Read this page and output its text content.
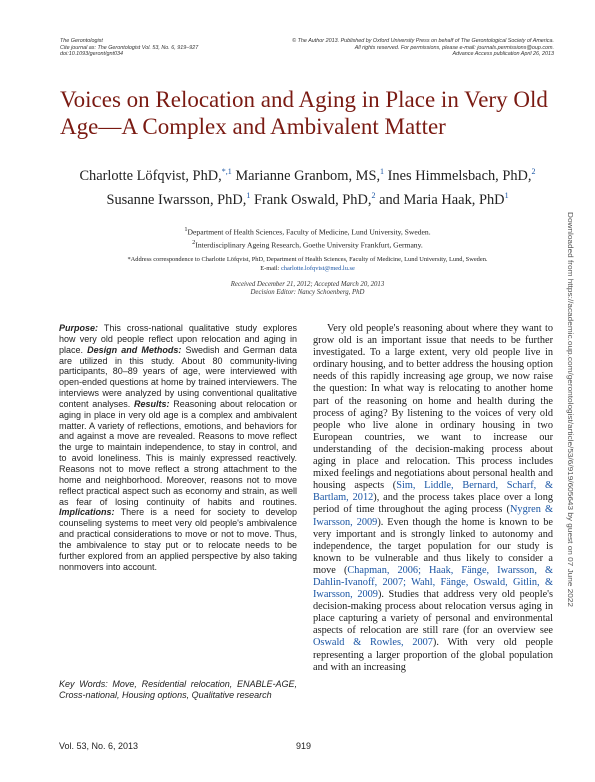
The Gerontologist
Cite journal as: The Gerontologist Vol. 53, No. 6, 919–927
doi:10.1093/geront/gnt034
© The Author 2013. Published by Oxford University Press on behalf of The Gerontological Society of America.
All rights reserved. For permissions, please e-mail: journals.permissions@oup.com.
Advance Access publication April 26, 2013
Voices on Relocation and Aging in Place in Very Old Age—A Complex and Ambivalent Matter
Charlotte Löfqvist, PhD,$^{*,1}$ Marianne Granbom, MS,$^1$ Ines Himmelsbach, PhD,$^2$
Susanne Iwarsson, PhD,$^1$ Frank Oswald, PhD,$^2$ and Maria Haak, PhD$^1$
$^1$Department of Health Sciences, Faculty of Medicine, Lund University, Sweden.
$^2$Interdisciplinary Ageing Research, Goethe University Frankfurt, Germany.
*Address correspondence to Charlotte Löfqvist, PhD, Department of Health Sciences, Faculty of Medicine, Lund University, Lund, Sweden.
E-mail: charlotte.lofqvist@med.lu.se
Received December 21, 2012; Accepted March 20, 2013
Decision Editor: Nancy Schoenberg, PhD

Purpose: This cross-national qualitative study explores how very old people reflect upon relocation and aging in place. Design and Methods: Swedish and German data are utilized in this study. About 80 community-living participants, 80–89 years of age, were interviewed with open-ended questions at home by trained interviewers. The interviews were analyzed by using conventional qualitative content analyses. Results: Reasoning about relocation or aging in place in very old age is a complex and ambivalent matter. A variety of reflections, emotions, and behaviors for and against a move are revealed. Reasons to move reflect the urge to maintain independence, to stay in control, and to avoid loneliness. This is mainly expressed reactively. Reasons not to move reflect a strong attachment to the home and neighborhood. Moreover, reasons not to move reflect practical aspect such as economy and strain, as well as fear of losing continuity of habits and routines. Implications: There is a need for society to develop counseling systems to meet very old people's ambivalence and practical considerations to move or not to move. Thus, the ambivalence to stay put or to relocate needs to be further explored from an applied perspective by also taking nonmovers into account.

Key Words: Move, Residential relocation, ENABLE-AGE, Cross-national, Housing options, Qualitative research

Very old people's reasoning about where they want to grow old is an important issue that needs to be further investigated. To a large extent, very old people live in ordinary housing, and to better address the housing option needs of this rapidly increasing age group, we now raise the question: In what way is relocating to another home part of the reasoning on home and health during the process of aging? By listening to the voices of very old people who live alone in ordinary housing in two European countries, we want to increase our understanding of the decision-making process about aging in place and relocation. This process includes mixed feelings and negotiations about personal health and housing aspects (Sim, Liddle, Bernard, Scharf, & Bartlam, 2012), and the process takes place over a long period of time throughout the aging process (Nygren & Iwarsson, 2009). Even though the home is known to be very important and is strongly linked to autonomy and independence, the target population for our study is known to be vulnerable and thus likely to consider a move (Chapman, 2006; Haak, Fänge, Iwarsson, & Dahlin-Ivanoff, 2007; Wahl, Fänge, Oswald, Gitlin, & Iwarsson, 2009). Studies that address very old people's decision-making process about relocation versus aging in place capturing a variety of personal and environmental aspects of relocation are still rare (for an overview see Oswald & Rowles, 2007). With very old people representing a larger proportion of the global population and with an increasing

Vol. 53, No. 6, 2013	919
Downloaded from https://academic.oup.com/gerontologist/article/53/6/919/605643 by guest on 07 June 2022
